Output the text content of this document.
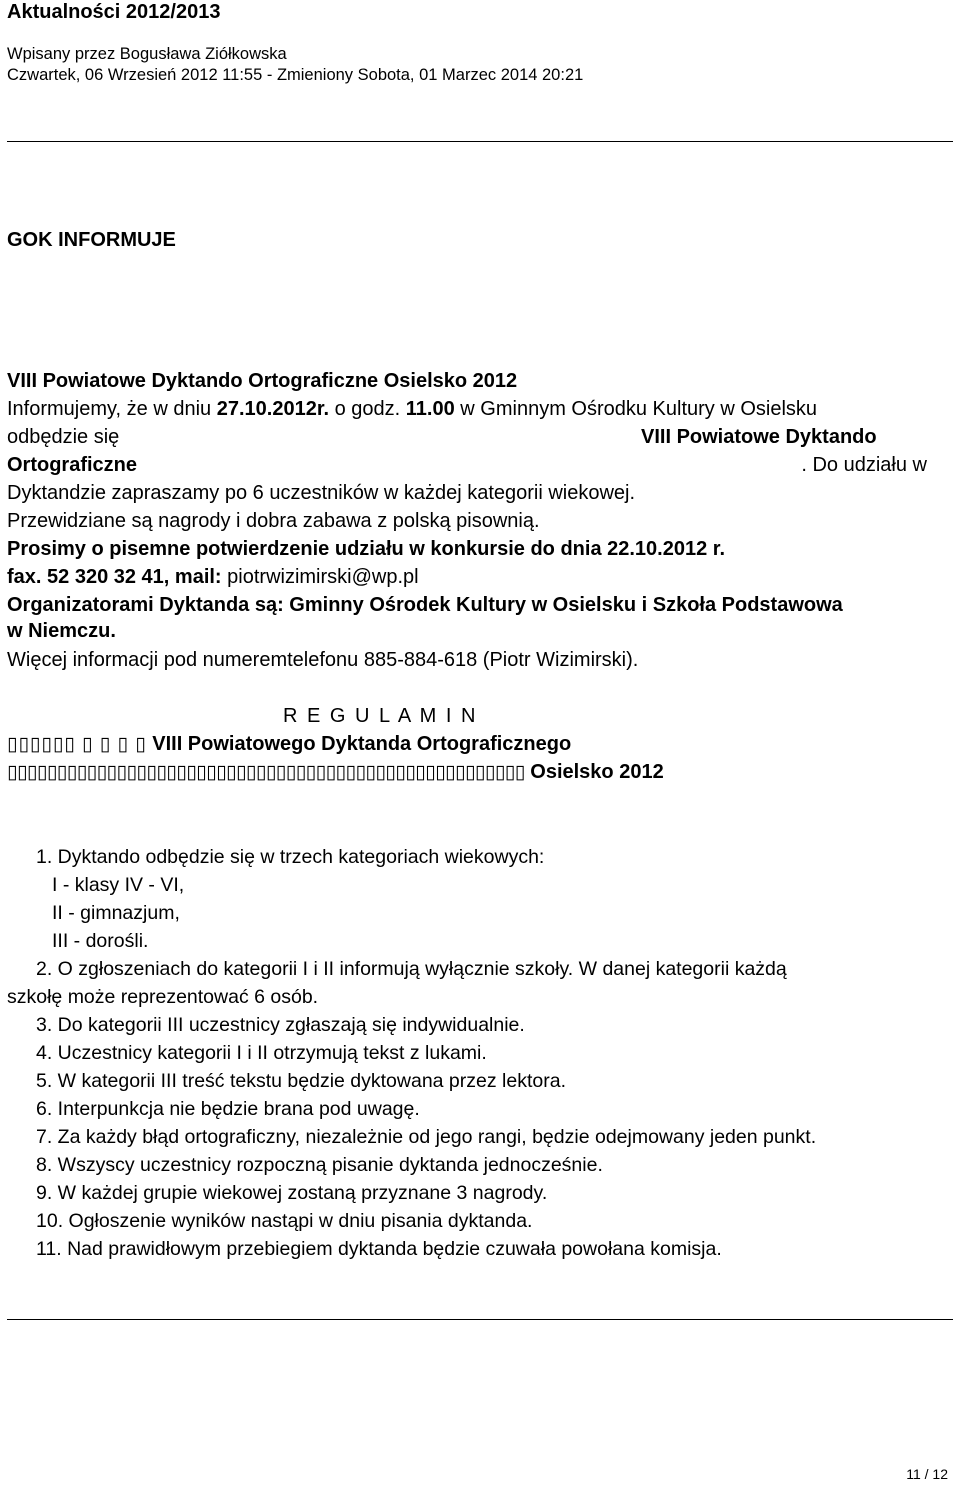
Aktualności 2012/2013
Wpisany przez Bogusława Ziółkowska
Czwartek, 06 Wrzesień 2012 11:55 - Zmieniony Sobota, 01 Marzec 2014 20:21
GOK INFORMUJE
VIII Powiatowe Dyktando Ortograficzne Osielsko 2012
Informujemy, że w dniu 27.10.2012r. o godz. 11.00 w Gminnym Ośrodku Kultury w Osielsku
odbędzie się	VIII Powiatowe Dyktando
Ortograficzne	. Do udziału w
Dyktandzie zapraszamy po 6 uczestników w każdej kategorii wiekowej.
Przewidziane są nagrody i dobra zabawa z polską pisownią.
Prosimy o pisemne potwierdzenie udziału w konkursie do dnia 22.10.2012 r.
fax. 52 320 32 41, mail: piotrwizimirski@wp.pl
Organizatorami Dyktanda są: Gminny Ośrodek Kultury w Osielsku i Szkoła Podstawowa
w Niemczu.
Więcej informacji pod numeremtelefonu 885-884-618 (Piotr Wizimirski).
R E G U L A M I N
▯▯▯▯▯▯ ▯ ▯ ▯ ▯ VIII Powiatowego Dyktanda Ortograficznego
▯▯▯▯▯▯▯▯▯▯▯▯▯▯▯▯▯▯▯▯▯▯▯▯▯▯▯▯▯▯▯▯▯▯▯▯▯▯▯▯▯▯▯▯▯▯▯▯▯▯▯▯ Osielsko 2012
1. Dyktando odbędzie się w trzech kategoriach wiekowych:
I - klasy IV - VI,
II - gimnazjum,
III - dorośli.
2. O zgłoszeniach do kategorii I i II informują wyłącznie szkoły. W danej kategorii każdą
szkołę może reprezentować 6 osób.
3. Do kategorii III uczestnicy zgłaszają się indywidualnie.
4. Uczestnicy kategorii I i II otrzymują tekst z lukami.
5. W kategorii III treść tekstu będzie dyktowana przez lektora.
6. Interpunkcja nie będzie brana pod uwagę.
7. Za każdy błąd ortograficzny, niezależnie od jego rangi, będzie odejmowany jeden punkt.
8. Wszyscy uczestnicy rozpoczną pisanie dyktanda jednocześnie.
9. W każdej grupie wiekowej zostaną przyznane 3 nagrody.
10. Ogłoszenie wyników nastąpi w dniu pisania dyktanda.
11. Nad prawidłowym przebiegiem dyktanda będzie czuwała powołana komisja.
11 / 12
